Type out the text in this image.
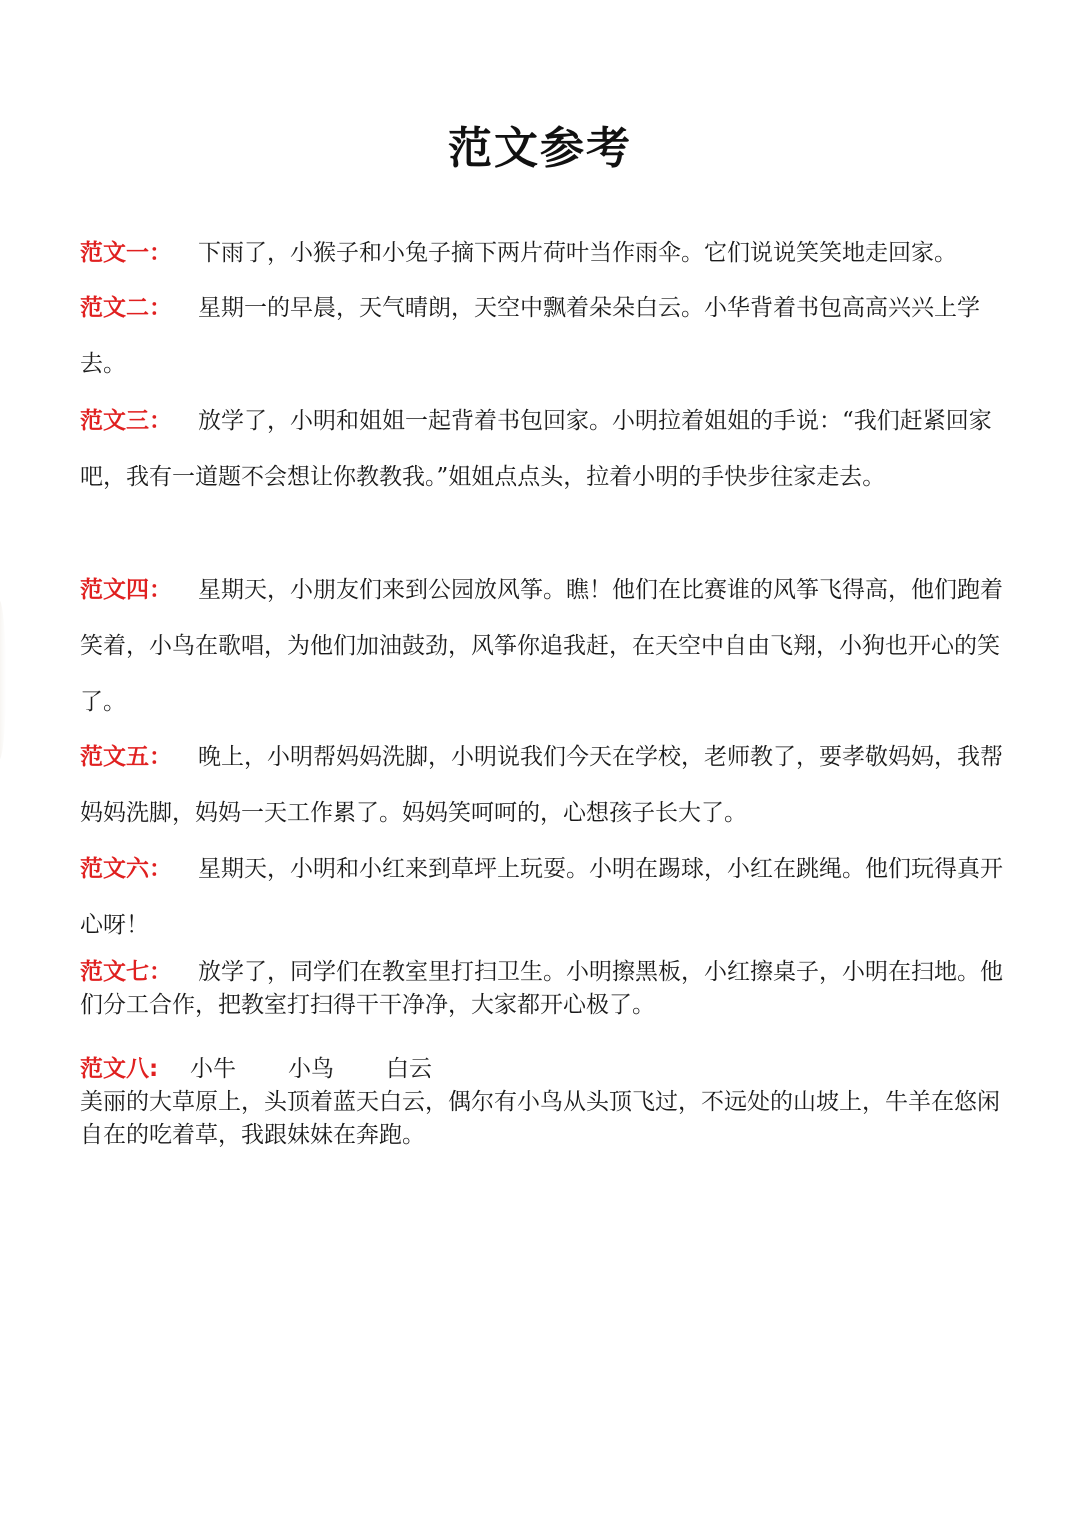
范文参考

范文一： 下雨了，小猴子和小兔子摘下两片荷叶当作雨伞。它们说说笑笑地走回家。

范文二： 星期一的早晨，天气晴朗，天空中飘着朵朵白云。小华背着书包高高兴兴上学去。

范文三： 放学了，小明和姐姐一起背着书包回家。小明拉着姐姐的手说：“我们赶紧回家吧，我有一道题不会想让你教教我。”姐姐点点头，拉着小明的手快步往家走去。

范文四： 星期天，小朋友们来到公园放风筝。瞧！他们在比赛谁的风筝飞得高，他们跑着笑着，小鸟在歌唱，为他们加油鼓劲，风筝你追我赶，在天空中自由飞翔，小狗也开心的笑了。

范文五： 晚上，小明帮妈妈洗脚，小明说我们今天在学校，老师教了，要孝敬妈妈，我帮妈妈洗脚，妈妈一天工作累了。妈妈笑呵呵的，心想孩子长大了。

范文六： 星期天，小明和小红来到草坪上玩耍。小明在踢球，小红在跳绳。他们玩得真开心呀！

范文七： 放学了，同学们在教室里打扫卫生。小明擦黑板，小红擦桌子，小明在扫地。他们分工合作，把教室打扫得干干净净，大家都开心极了。

范文八: 小牛 小鸟 白云
美丽的大草原上，头顶着蓝天白云，偶尔有小鸟从头顶飞过，不远处的山坡上，牛羊在悠闲自在的吃着草，我跟妹妹在奔跑。
